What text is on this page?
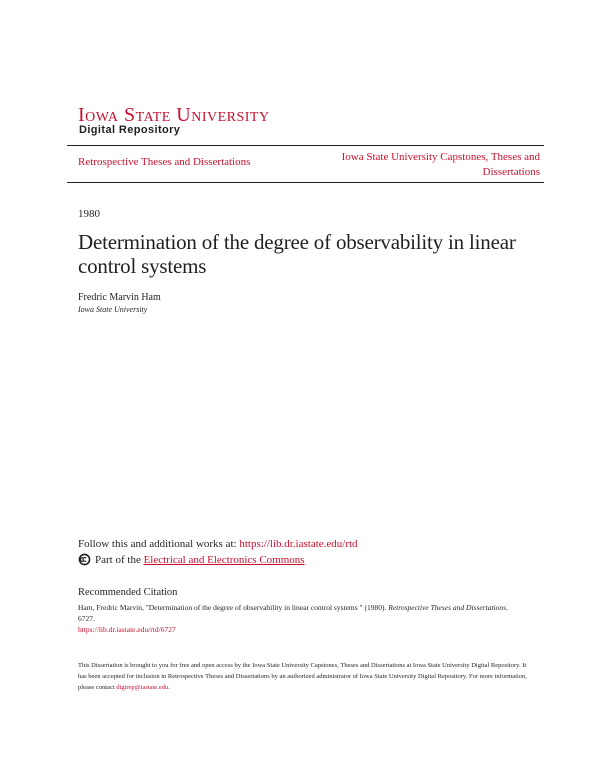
Iowa State University
Digital Repository
Retrospective Theses and Dissertations	Iowa State University Capstones, Theses and Dissertations
1980
Determination of the degree of observability in linear control systems
Fredric Marvin Ham
Iowa State University
Follow this and additional works at: https://lib.dr.iastate.edu/rtd
Part of the
Electrical and Electronics Commons
Recommended Citation
Ham, Fredric Marvin, "Determination of the degree of observability in linear control systems " (1980). Retrospective Theses and Dissertations. 6727.
https://lib.dr.iastate.edu/rtd/6727
This Dissertation is brought to you for free and open access by the Iowa State University Capstones, Theses and Dissertations at Iowa State University Digital Repository. It has been accepted for inclusion in Retrospective Theses and Dissertations by an authorized administrator of Iowa State University Digital Repository. For more information, please contact digirep@iastate.edu.
